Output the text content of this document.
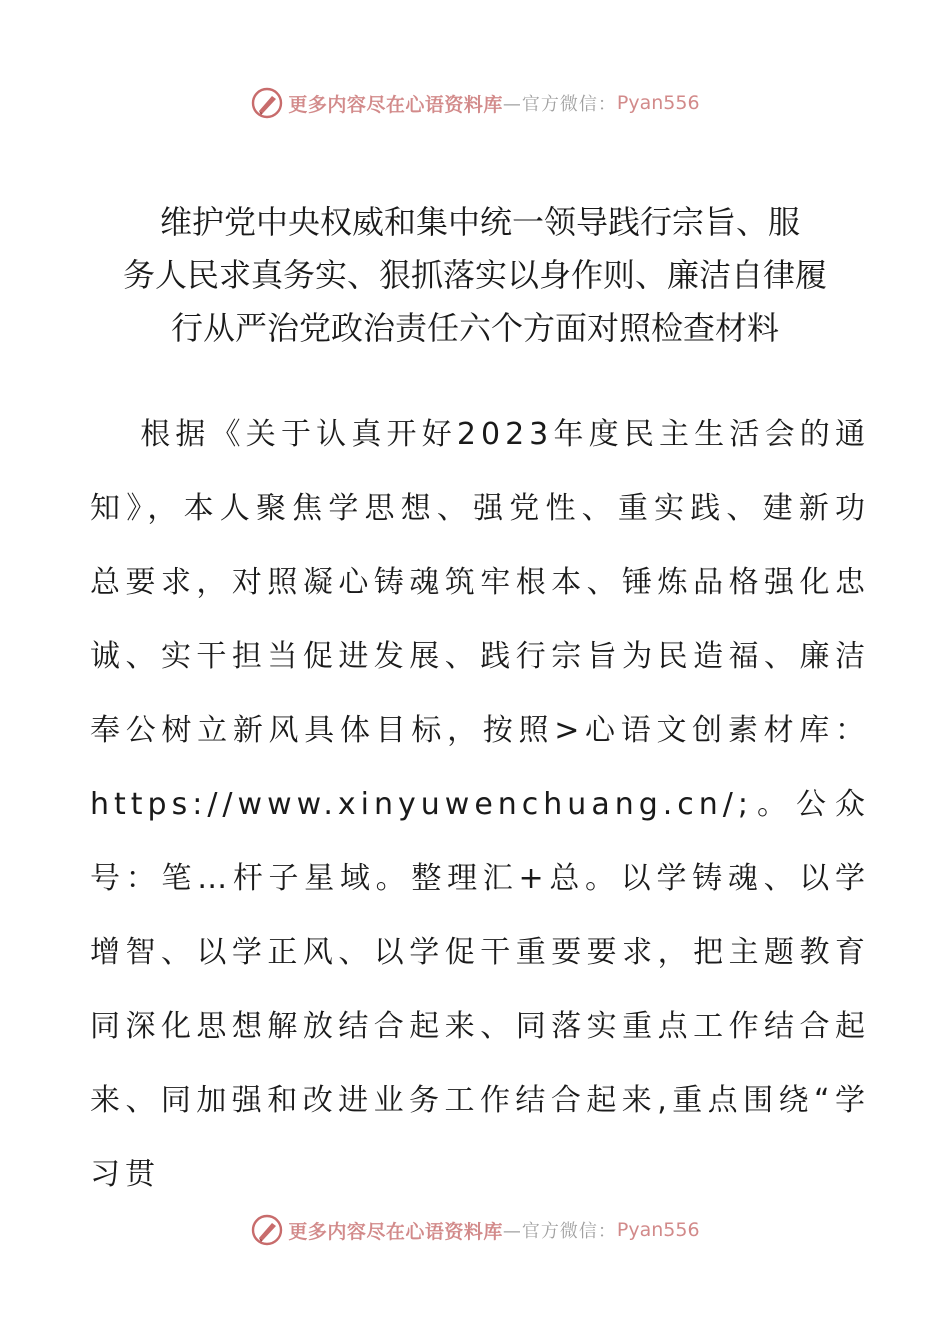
更多内容尽在心语资料库 —官方微信： Pyan556
维护党中央权威和集中统一领导践行宗旨、服
务人民求真务实、狠抓落实以身作则、廉洁自律履
行从严治党政治责任六个方面对照检查材料

根据《关于认真开好2023年度民主生活会的通知》，本人聚焦学思想、强党性、重实践、建新功总要求，对照凝心铸魂筑牢根本、锤炼品格强化忠诚、实干担当促进发展、践行宗旨为民造福、廉洁奉公树立新风具体目标，按照>心语文创素材库：https://www.xinyuwenchuang.cn/;。公众号：笔…杆子星域。整理汇+总。以学铸魂、以学增智、以学正风、以学促干重要要求，把主题教育同深化思想解放结合起来、同落实重点工作结合起来、同加强和改进业务工作结合起来,重点围绕“学习贯

更多内容尽在心语资料库 —官方微信： Pyan556
